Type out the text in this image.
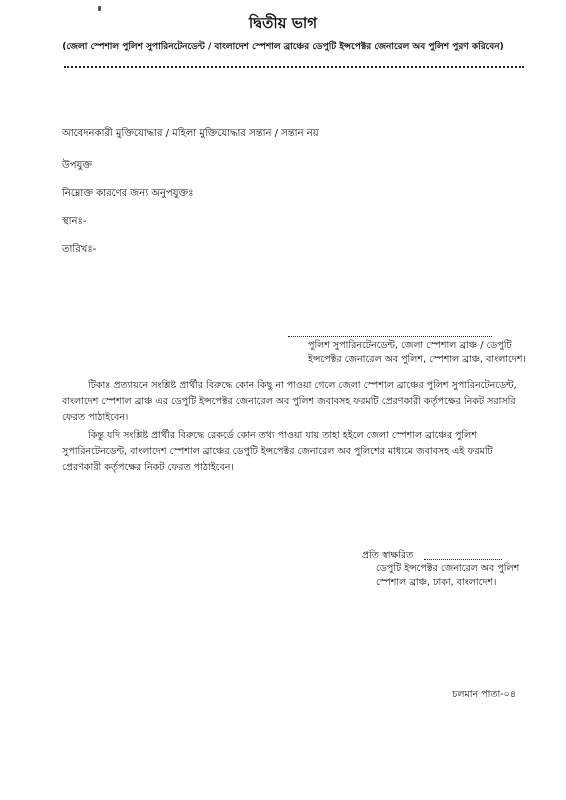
দ্বিতীয় ভাগ
(জেলা স্পেশাল পুলিশ সুপারিনটেনডেন্ট / বাংলাদেশ স্পেশাল ব্রাঞ্চের ডেপুটি ইন্সপেক্টর জেনারেল অব পুলিশ পুরণ করিবেন)
আবেদনকারী মুক্তিযোদ্ধার / মহিলা মুক্তিযোদ্ধার সন্তান / সন্তান নয়
উপযুক্ত
নিম্নোক্ত কারণের জন্য অনুপযুক্তঃ
স্থানঃ-
তারিখঃ-
পুলিশ সুপারিনটেনডেন্ট, জেলা স্পেশাল ব্রাঞ্চ / ডেপুটি
ইন্সপেক্টর জেনারেল অব পুলিশ, স্পেশাল ব্রাঞ্চ, বাংলাদেশ।
টিকাঃ প্রত্যায়নে সংশ্লিষ্ট প্রার্থীর বিরুদ্ধে কোন কিছু না পাওয়া গেলে জেলা স্পেশাল ব্রাঞ্চের পুলিশ সুপারিনটেনডেন্ট, বাংলাদেশ স্পেশাল ব্রাঞ্চ এর ডেপুটি ইন্সপেক্টর জেনারেল অব পুলিশ জবাবসহ ফরমটি প্রেরণকারী কর্তৃপক্ষের নিকট সরাসরি ফেরত পাঠাইবেন।
কিন্তু যদি সংশ্লিষ্ট প্রার্থীর বিরুদ্ধে রেকর্ডে কোন তথ্য পাওয়া যায় তাহা হইলে জেলা স্পেশাল ব্রাঞ্চের পুলিশ সুপারিনটেনডেন্ট, বাংলাদেশ স্পেশাল ব্রাঞ্চের ডেপুটি ইন্সপেক্টর জেনারেল অব পুলিশের মাধ্যমে জবাবসহ এই ফরমটি প্রেরণকারী কর্তৃপক্ষের নিকট ফেরত পাঠাইবেন।
প্রতি স্বাক্ষরিত
ডেপুটি ইন্সপেক্টর জেনারেল অব পুলিশ
স্পেশাল ব্রাঞ্চ, ঢাকা, বাংলাদেশ।
চলমান পাতা-০৪
